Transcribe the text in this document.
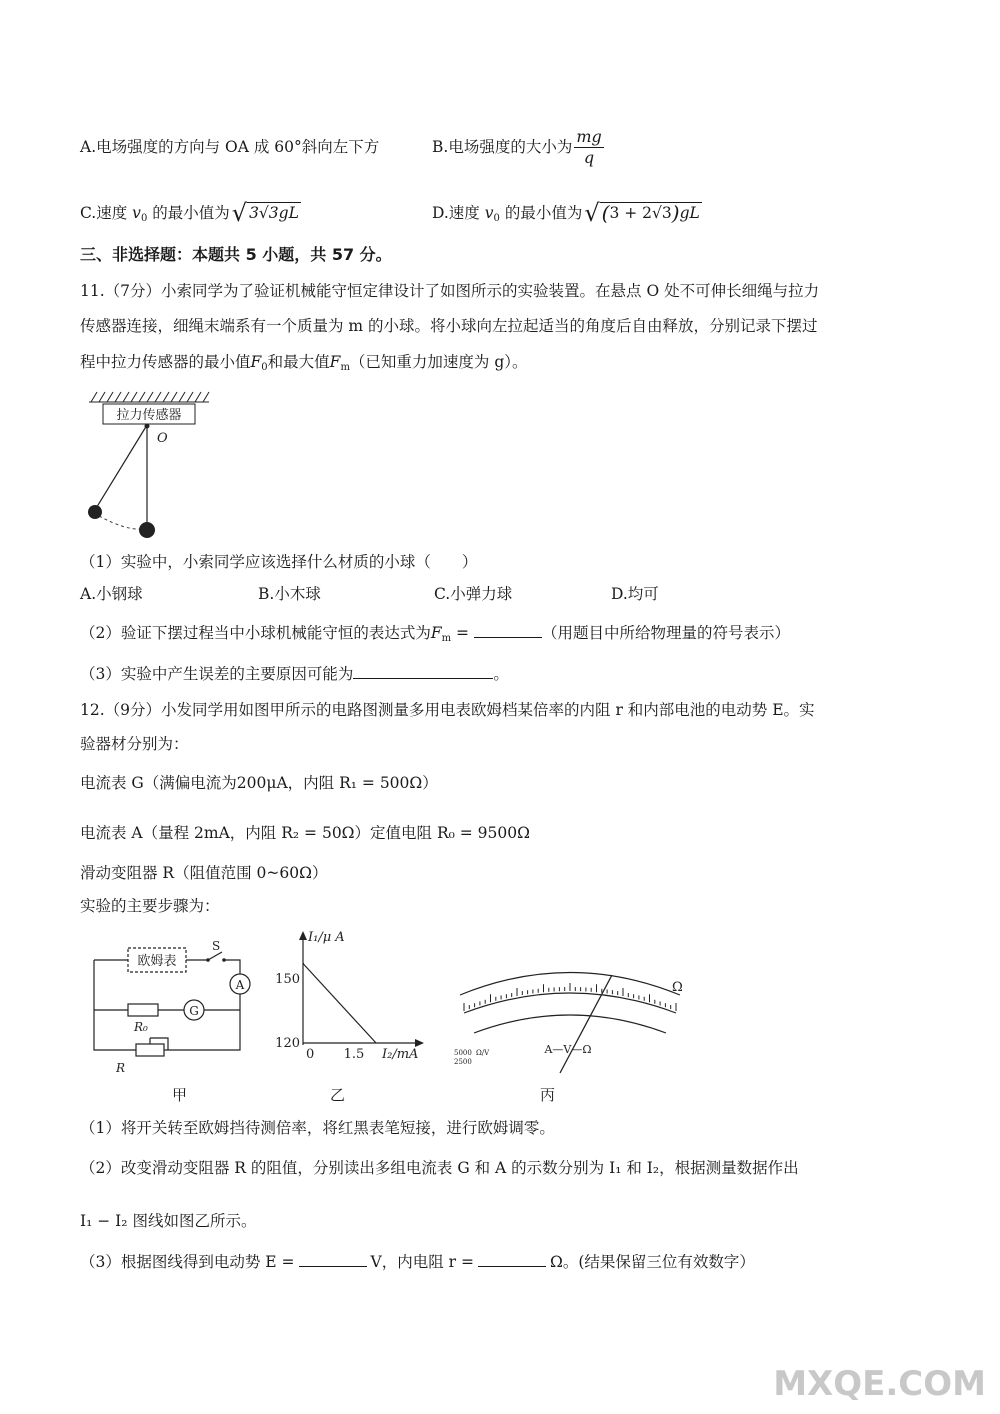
A.电场强度的方向与 OA 成 60°斜向左下方	B.电场强度的大小为 $\frac{mg}{q}$
C.速度 $v_0$ 的最小值为√ 3√3gL	D.速度 $v_0$ 的最小值为√ (3 + 2√3)gL
三、非选择题：本题共 5 小题，共 57 分。
11.（7分）小索同学为了验证机械能守恒定律设计了如图所示的实验装置。在悬点 O 处不可伸长细绳与拉力
传感器连接，细绳末端系有一个质量为 m 的小球。将小球向左拉起适当的角度后自由释放，分别记录下摆过
程中拉力传感器的最小值$F_0$和最大值$F_m$（已知重力加速度为 g）。
拉力传感器
O
（1）实验中，小索同学应该选择什么材质的小球（　　）
A.小钢球	B.小木球	C.小弹力球	D.均可
（2）验证下摆过程当中小球机械能守恒的表达式为$F_m$ =	（用题目中所给物理量的符号表示）
（3）实验中产生误差的主要原因可能为	。
12.（9分）小发同学用如图甲所示的电路图测量多用电表欧姆档某倍率的内阻 r 和内部电池的电动势 E。实
验器材分别为：
电流表 G（满偏电流为200μA，内阻 R₁ = 500Ω）
电流表 A（量程 2mA，内阻 R₂ = 50Ω）定值电阻 R₀ = 9500Ω
滑动变阻器 R（阻值范围 0~60Ω）
实验的主要步骤为：
欧姆表
S
A
G
R₀
R
甲
I₁/μ A
I₂/mA
150
120
0 1.5
乙
Ω
A—V—Ω
5000
2500
Ω/V
丙
（1）将开关转至欧姆挡待测倍率，将红黑表笔短接，进行欧姆调零。
（2）改变滑动变阻器 R 的阻值，分别读出多组电流表 G 和 A 的示数分别为 I₁ 和 I₂，根据测量数据作出
I₁ − I₂ 图线如图乙所示。
（3）根据图线得到电动势 E =	V，内电阻 r =	Ω。(结果保留三位有效数字）
MXQE.COM
